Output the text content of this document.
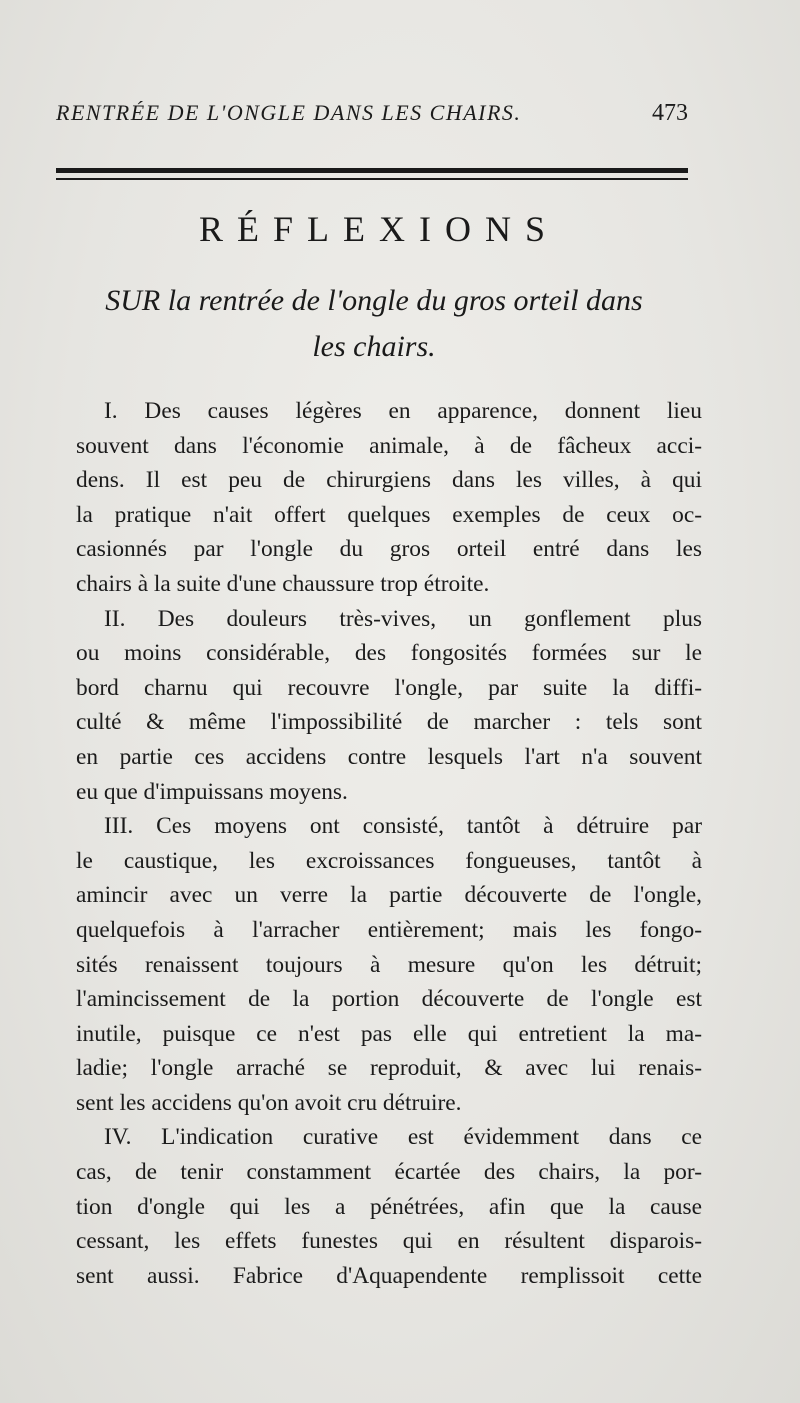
RENTRÉE DE L'ONGLE DANS LES CHAIRS.	473
RÉFLEXIONS
SUR la rentrée de l'ongle du gros orteil dans
les chairs.
I. Des causes légères en apparence, donnent lieu
souvent dans l'économie animale, à de fâcheux acci-
dens. Il est peu de chirurgiens dans les villes, à qui
la pratique n'ait offert quelques exemples de ceux oc-
casionnés par l'ongle du gros orteil entré dans les
chairs à la suite d'une chaussure trop étroite.
II. Des douleurs très-vives, un gonflement plus
ou moins considérable, des fongosités formées sur le
bord charnu qui recouvre l'ongle, par suite la diffi-
culté & même l'impossibilité de marcher : tels sont
en partie ces accidens contre lesquels l'art n'a souvent
eu que d'impuissans moyens.
III. Ces moyens ont consisté, tantôt à détruire par
le caustique, les excroissances fongueuses, tantôt à
amincir avec un verre la partie découverte de l'ongle,
quelquefois à l'arracher entièrement; mais les fongo-
sités renaissent toujours à mesure qu'on les détruit;
l'amincissement de la portion découverte de l'ongle est
inutile, puisque ce n'est pas elle qui entretient la ma-
ladie; l'ongle arraché se reproduit, & avec lui renais-
sent les accidens qu'on avoit cru détruire.
IV. L'indication curative est évidemment dans ce
cas, de tenir constamment écartée des chairs, la por-
tion d'ongle qui les a pénétrées, afin que la cause
cessant, les effets funestes qui en résultent disparois-
sent aussi. Fabrice d'Aquapendente remplissoit cette
